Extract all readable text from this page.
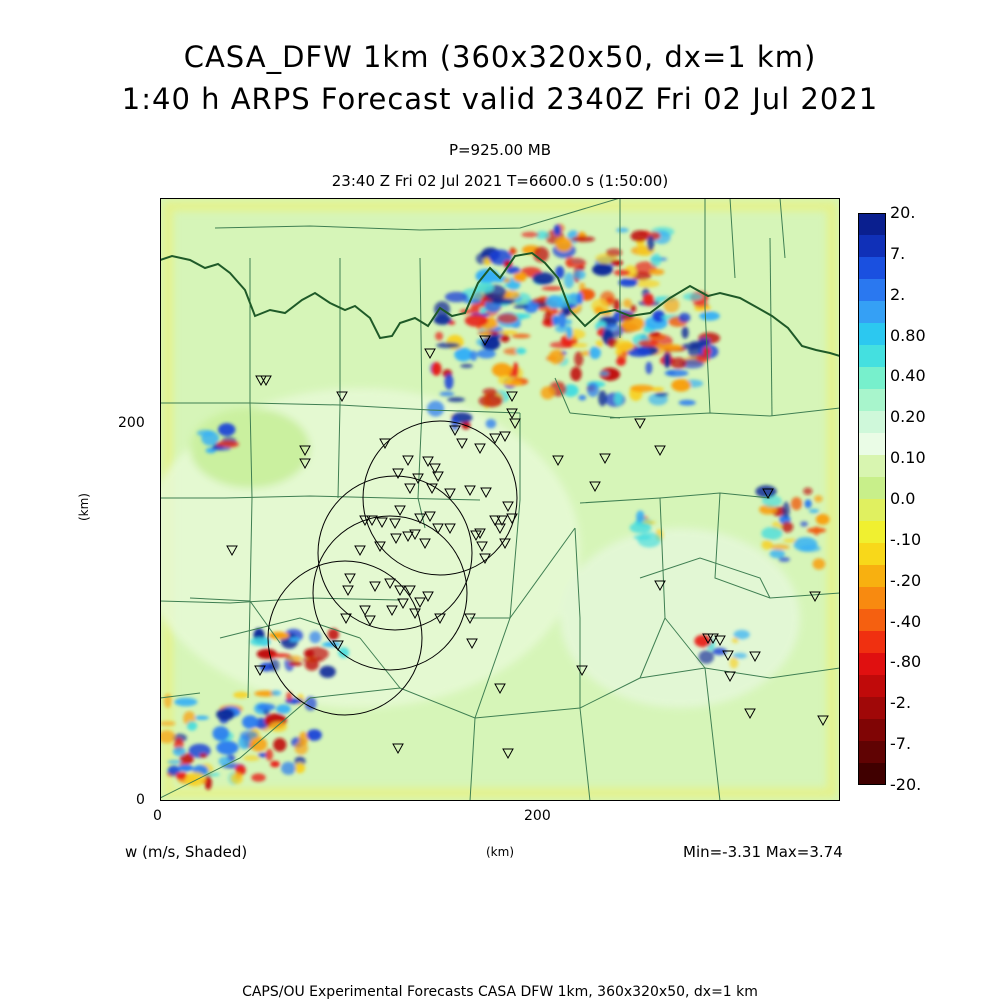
CASA_DFW 1km (360x320x50, dx=1 km)
1:40 h ARPS Forecast valid 2340Z Fri 02 Jul 2021
P=925.00 MB
23:40 Z Fri 02 Jul 2021 T=6600.0 s (1:50:00)
200
0
0	200
(km)
(km)
w (m/s, Shaded)	Min=-3.31 Max=3.74
20.
7.
2.
0.80
0.40
0.20
0.10
0.0
-.10
-.20
-.40
-.80
-2.
-7.
-20.
CAPS/OU Experimental Forecasts CASA DFW 1km, 360x320x50, dx=1 km
